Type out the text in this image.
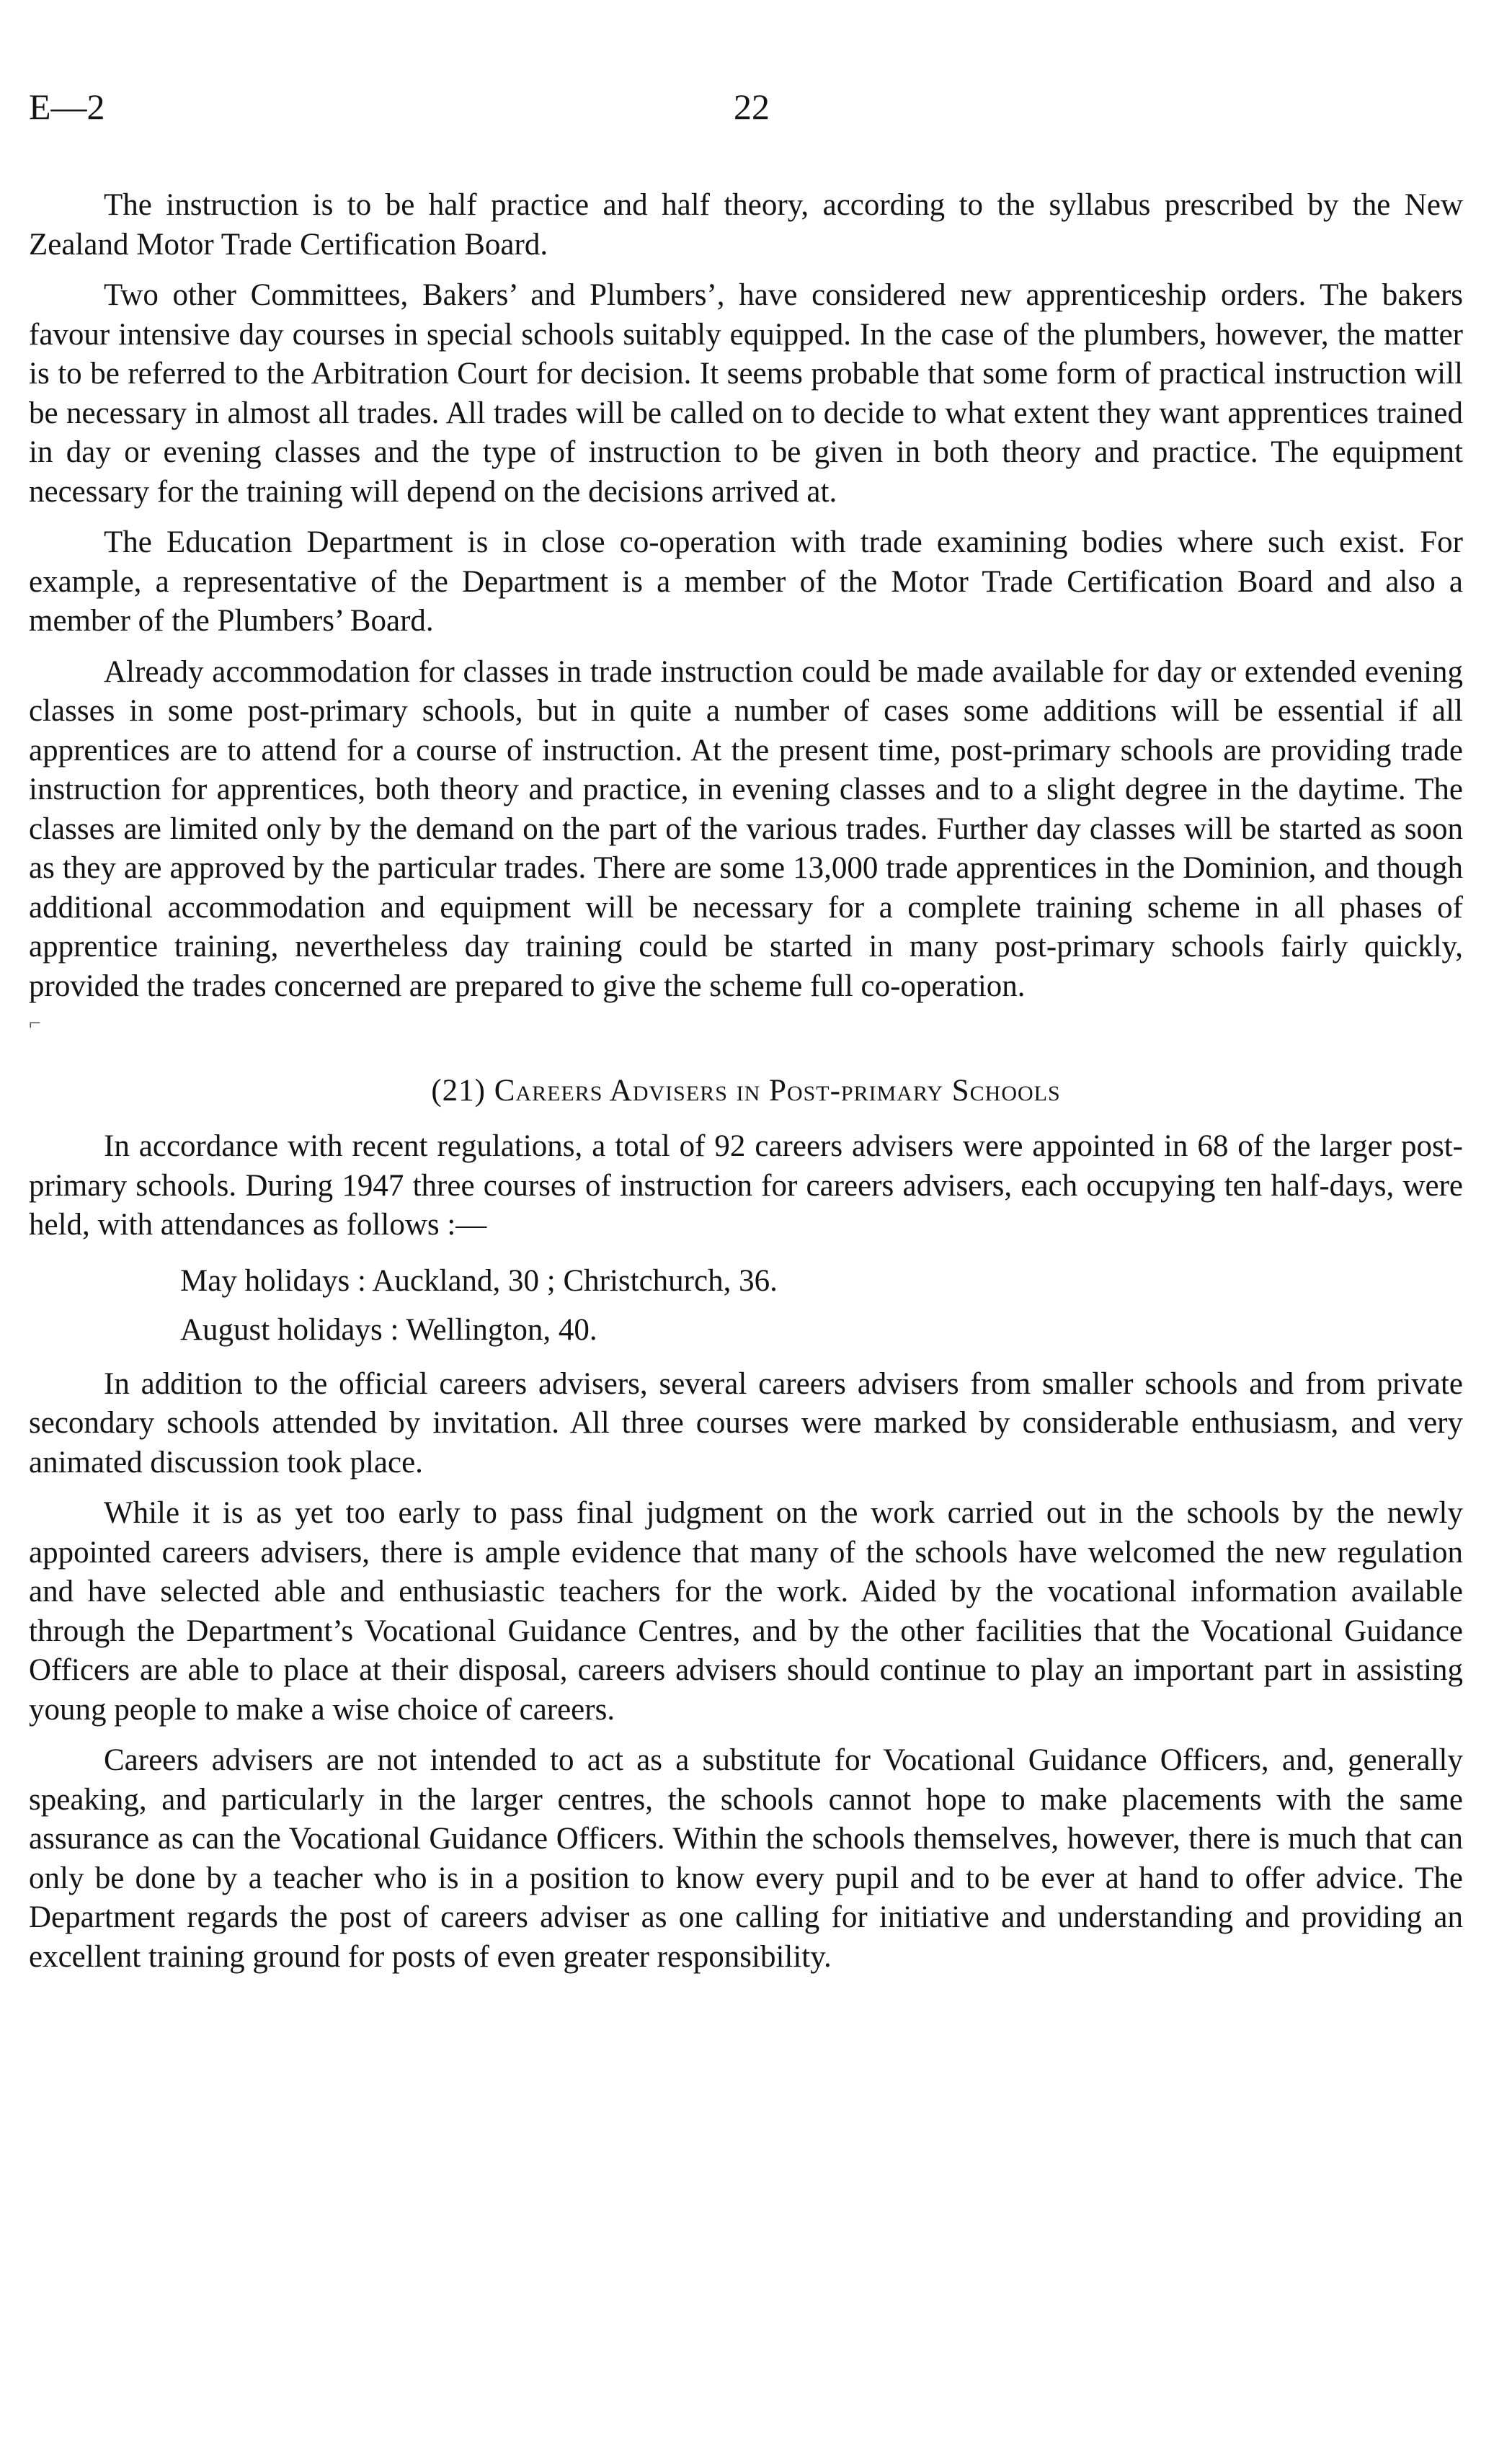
E—2	22

The instruction is to be half practice and half theory, according to the syllabus prescribed by the New Zealand Motor Trade Certification Board.

Two other Committees, Bakers’ and Plumbers’, have considered new apprenticeship orders. The bakers favour intensive day courses in special schools suitably equipped. In the case of the plumbers, however, the matter is to be referred to the Arbitration Court for decision. It seems probable that some form of practical instruction will be necessary in almost all trades. All trades will be called on to decide to what extent they want apprentices trained in day or evening classes and the type of instruction to be given in both theory and practice. The equipment necessary for the training will depend on the decisions arrived at.

The Education Department is in close co-operation with trade examining bodies where such exist. For example, a representative of the Department is a member of the Motor Trade Certification Board and also a member of the Plumbers’ Board.

Already accommodation for classes in trade instruction could be made available for day or extended evening classes in some post-primary schools, but in quite a number of cases some additions will be essential if all apprentices are to attend for a course of instruction. At the present time, post-primary schools are providing trade instruction for apprentices, both theory and practice, in evening classes and to a slight degree in the daytime. The classes are limited only by the demand on the part of the various trades. Further day classes will be started as soon as they are approved by the particular trades. There are some 13,000 trade apprentices in the Dominion, and though additional accommodation and equipment will be necessary for a complete training scheme in all phases of apprentice training, nevertheless day training could be started in many post-primary schools fairly quickly, provided the trades concerned are prepared to give the scheme full co-operation.

⌐
(21) Careers Advisers in Post-primary Schools

In accordance with recent regulations, a total of 92 careers advisers were appointed in 68 of the larger post-primary schools. During 1947 three courses of instruction for careers advisers, each occupying ten half-days, were held, with attendances as follows :—

May holidays : Auckland, 30 ; Christchurch, 36.
August holidays : Wellington, 40.

In addition to the official careers advisers, several careers advisers from smaller schools and from private secondary schools attended by invitation. All three courses were marked by considerable enthusiasm, and very animated discussion took place.

While it is as yet too early to pass final judgment on the work carried out in the schools by the newly appointed careers advisers, there is ample evidence that many of the schools have welcomed the new regulation and have selected able and enthusiastic teachers for the work. Aided by the vocational information available through the Department’s Vocational Guidance Centres, and by the other facilities that the Vocational Guidance Officers are able to place at their disposal, careers advisers should continue to play an important part in assisting young people to make a wise choice of careers.

Careers advisers are not intended to act as a substitute for Vocational Guidance Officers, and, generally speaking, and particularly in the larger centres, the schools cannot hope to make placements with the same assurance as can the Vocational Guidance Officers. Within the schools themselves, however, there is much that can only be done by a teacher who is in a position to know every pupil and to be ever at hand to offer advice. The Department regards the post of careers adviser as one calling for initiative and understanding and providing an excellent training ground for posts of even greater responsibility.
